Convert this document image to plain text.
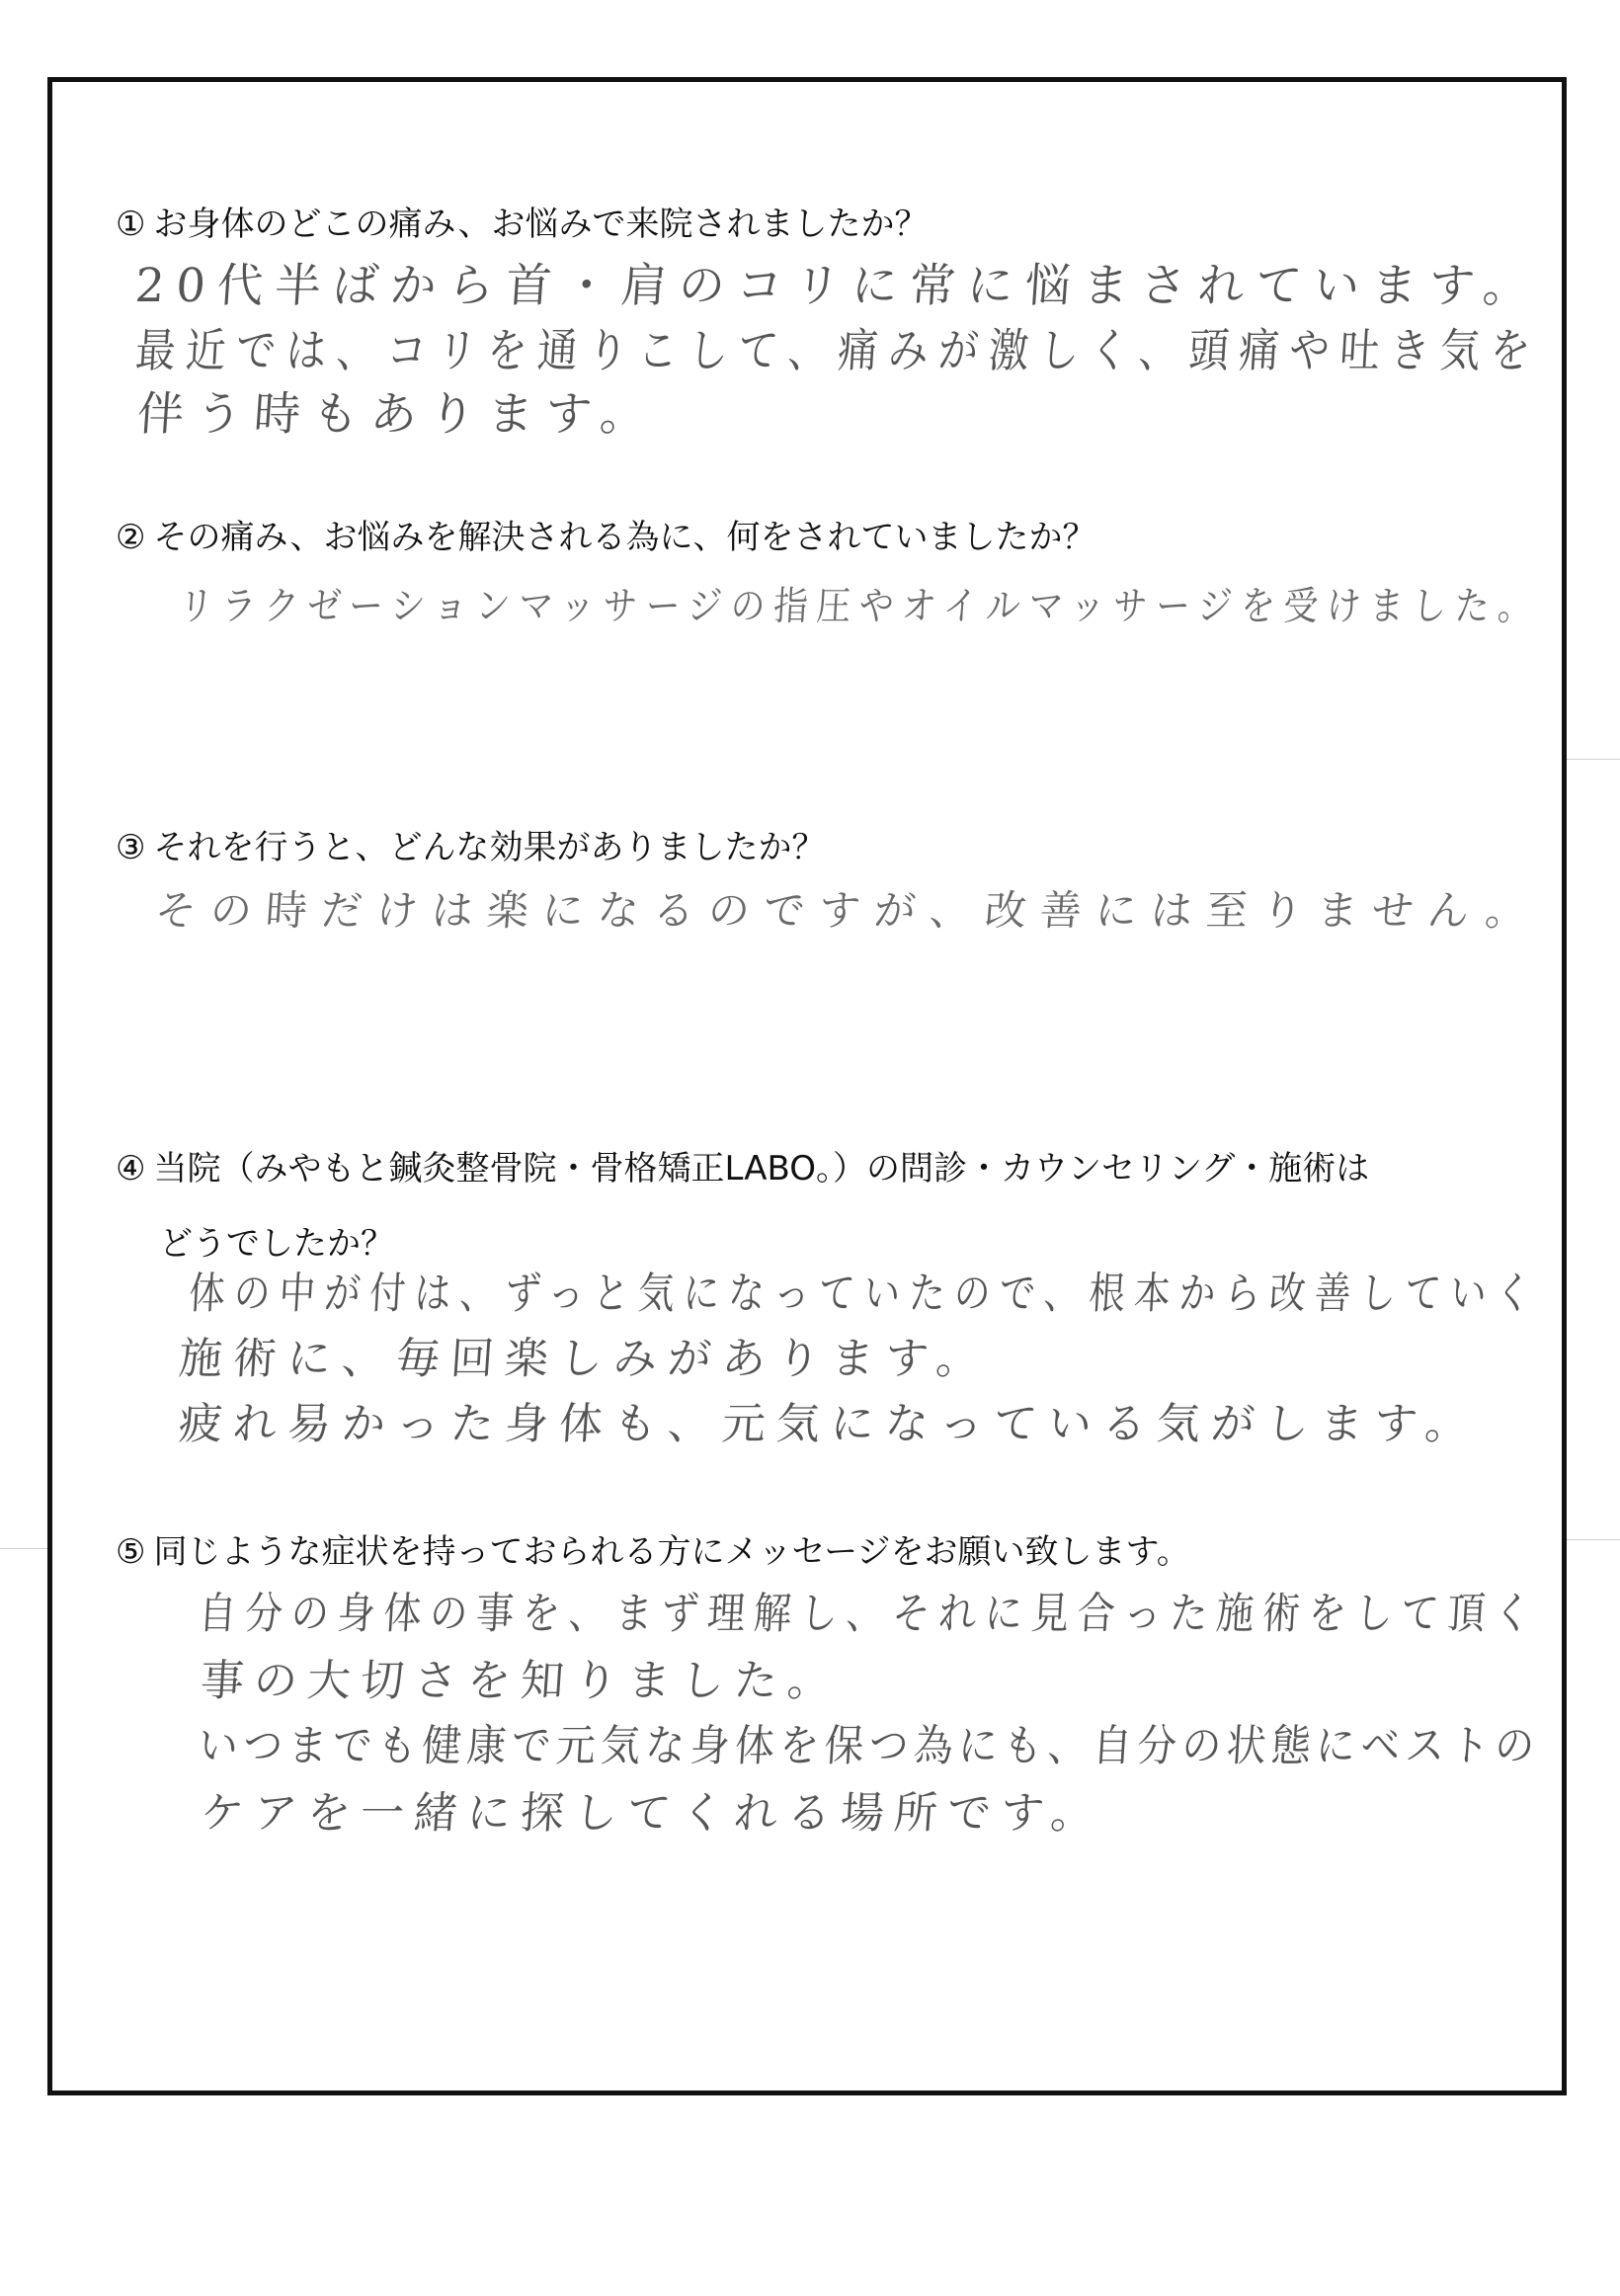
① お身体のどこの痛み、お悩みで来院されましたか？
20代半ばから首・肩のコリに常に悩まされています。
最近では、コリを通りこして、痛みが激しく、頭痛や吐き気を
伴う時もあります。
② その痛み、お悩みを解決される為に、何をされていましたか？
リラクゼーションマッサージの指圧やオイルマッサージを受けました。
③ それを行うと、どんな効果がありましたか？
その時だけは楽になるのですが、改善には至りません。
④ 当院（みやもと鍼灸整骨院・骨格矯正LABO。）の問診・カウンセリング・施術は
どうでしたか？
体の中が付は、ずっと気になっていたので、根本から改善していく
施術に、毎回楽しみがあります。
疲れ易かった身体も、元気になっている気がします。
⑤ 同じような症状を持っておられる方にメッセージをお願い致します。
自分の身体の事を、まず理解し、それに見合った施術をして頂く
事の大切さを知りました。
いつまでも健康で元気な身体を保つ為にも、自分の状態にベストの
ケアを一緒に探してくれる場所です。
